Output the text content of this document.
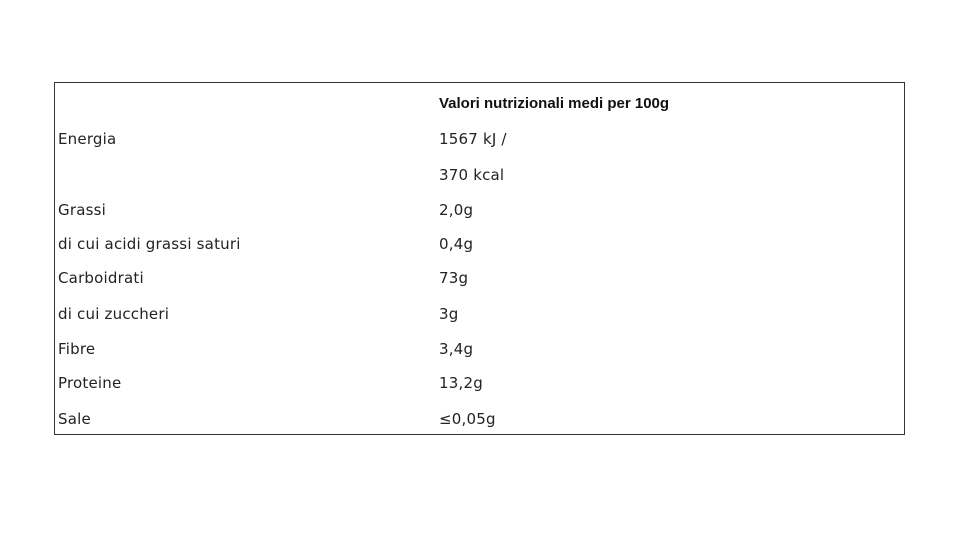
Valori nutrizionali medi per 100g
Energia	1567 kJ /
370 kcal
Grassi	2,0g
di cui acidi grassi saturi	0,4g
Carboidrati	73g
di cui zuccheri	3g
Fibre	3,4g
Proteine	13,2g
Sale	≤0,05g
